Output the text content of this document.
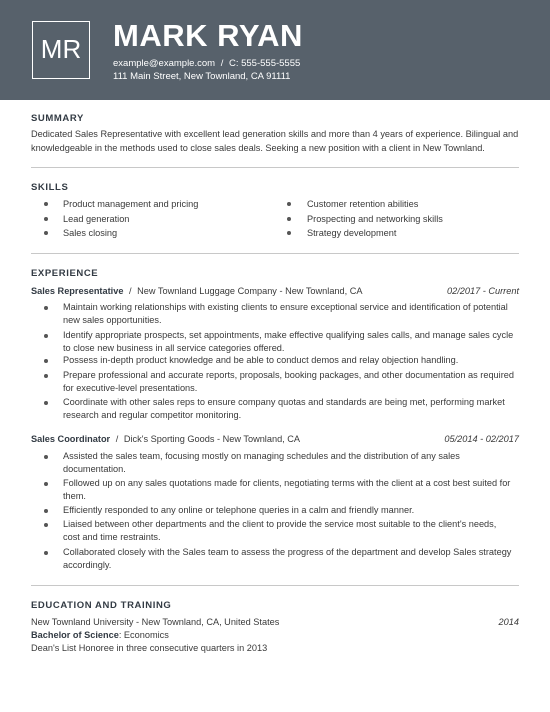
MR MARK RYAN
example@example.com / C: 555-555-5555
111 Main Street, New Townland, CA 91111
SUMMARY
Dedicated Sales Representative with excellent lead generation skills and more than 4 years of experience. Bilingual and knowledgeable in the methods used to close sales deals. Seeking a new position with a client in New Townland.
SKILLS
Product management and pricing
Lead generation
Sales closing
Customer retention abilities
Prospecting and networking skills
Strategy development
EXPERIENCE
Sales Representative / New Townland Luggage Company - New Townland, CA	02/2017 - Current
Maintain working relationships with existing clients to ensure exceptional service and identification of potential new sales opportunities.
Identify appropriate prospects, set appointments, make effective qualifying sales calls, and manage sales cycle to close new business in all service categories offered.
Possess in-depth product knowledge and be able to conduct demos and relay objection handling.
Prepare professional and accurate reports, proposals, booking packages, and other documentation as required for executive-level presentations.
Coordinate with other sales reps to ensure company quotas and standards are being met, performing market research and regular competitor monitoring.
Sales Coordinator / Dick's Sporting Goods - New Townland, CA	05/2014 - 02/2017
Assisted the sales team, focusing mostly on managing schedules and the distribution of any sales documentation.
Followed up on any sales quotations made for clients, negotiating terms with the client at a cost best suited for them.
Efficiently responded to any online or telephone queries in a calm and friendly manner.
Liaised between other departments and the client to provide the service most suitable to the client's needs, cost and time restraints.
Collaborated closely with the Sales team to assess the progress of the department and develop Sales strategy accordingly.
EDUCATION AND TRAINING
New Townland University - New Townland, CA, United States	2014
Bachelor of Science: Economics
Dean's List Honoree in three consecutive quarters in 2013
